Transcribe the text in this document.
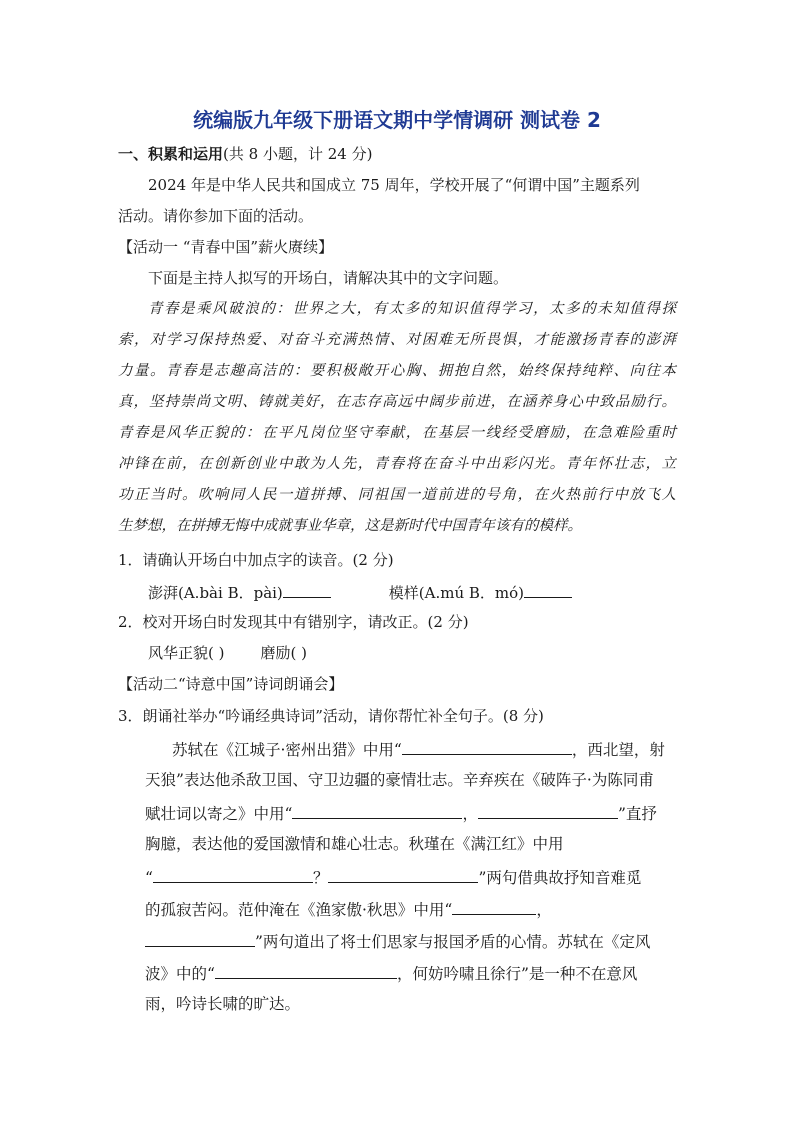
统编版九年级下册语文期中学情调研 测试卷 2
一、积累和运用(共 8 小题，计 24 分)
2024 年是中华人民共和国成立 75 周年，学校开展了“何谓中国”主题系列
活动。请你参加下面的活动。
【活动一 “青春中国”薪火赓续】
下面是主持人拟写的开场白，请解决其中的文字问题。
青春是乘风破浪的：世界之大，有太多的知识值得学习，太多的未知值得探
索，对学习保持热爱、对奋斗充满热情、对困难无所畏惧，才能激扬青春的澎湃
力量。青春是志趣高洁的：要积极敞开心胸、拥抱自然，始终保持纯粹、向往本
真，坚持崇尚文明、铸就美好，在志存高远中阔步前进，在涵养身心中致品励行。
青春是风华正貌的：在平凡岗位坚守奉献，在基层一线经受磨励，在急难险重时
冲锋在前，在创新创业中敢为人先，青春将在奋斗中出彩闪光。青年怀壮志，立
功正当时。吹响同人民一道拼搏、同祖国一道前进的号角，在火热前行中放飞人
生梦想，在拼搏无悔中成就事业华章，这是新时代中国青年该有的模样。
1．请确认开场白中加点字的读音。(2 分)
澎湃(A.bài B．pài)	模样(A.mú B．mó)
2．校对开场白时发现其中有错别字，请改正。(2 分)
风华正貌( ) 磨励( )
【活动二“诗意中国”诗词朗诵会】
3．朗诵社举办“吟诵经典诗词”活动，请你帮忙补全句子。(8 分)
苏轼在《江城子·密州出猎》中用“	，西北望，射
天狼”表达他杀敌卫国、守卫边疆的豪情壮志。辛弃疾在《破阵子·为陈同甫
赋壮词以寄之》中用“	，	”直抒
胸臆，表达他的爱国激情和雄心壮志。秋瑾在《满江红》中用
“	？	”两句借典故抒知音难觅
的孤寂苦闷。范仲淹在《渔家傲·秋思》中用“	，
”两句道出了将士们思家与报国矛盾的心情。苏轼在《定风
波》中的“	，何妨吟啸且徐行”是一种不在意风
雨，吟诗长啸的旷达。
